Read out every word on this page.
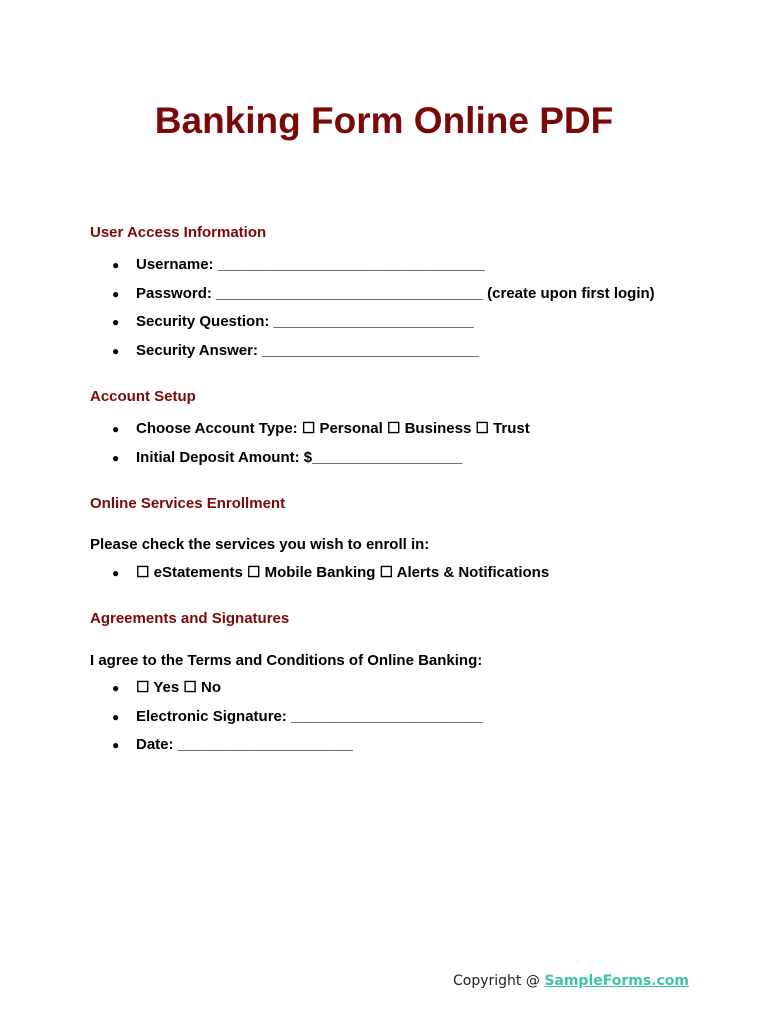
Banking Form Online PDF
User Access Information
● Username: ________________________________
● Password: ________________________________ (create upon first login)
● Security Question: ________________________
● Security Answer: __________________________
Account Setup
● Choose Account Type: ☐ Personal ☐ Business ☐ Trust
● Initial Deposit Amount: $__________________
Online Services Enrollment

Please check the services you wish to enroll in:

● ☐ eStatements ☐ Mobile Banking ☐ Alerts & Notifications
Agreements and Signatures

I agree to the Terms and Conditions of Online Banking:

● ☐ Yes ☐ No
● Electronic Signature: _______________________
● Date: _____________________
Copyright @ SampleForms.com
